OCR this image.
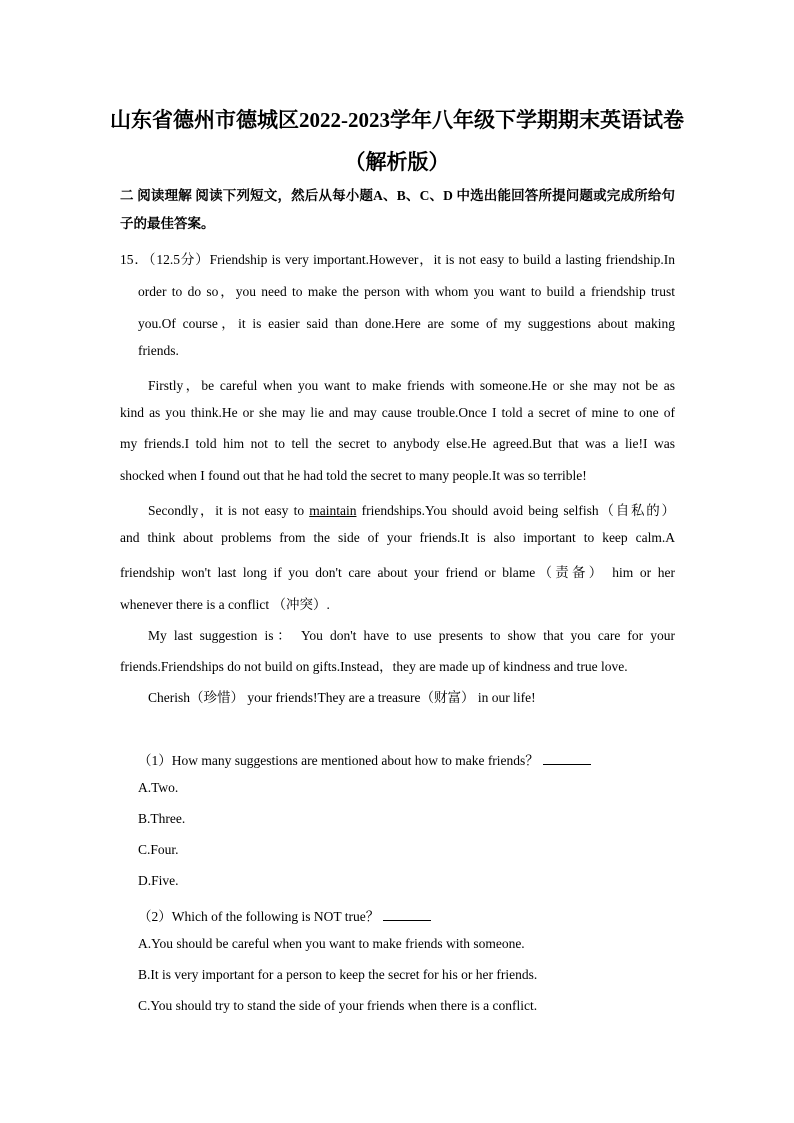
山东省德州市德城区2022-2023学年八年级下学期期末英语试卷
（解析版）
二 阅读理解 阅读下列短文，然后从每小题A、B、C、D 中选出能回答所提问题或完成所给句子的最佳答案。
15．（12.5分）Friendship is very important.However，it is not easy to build a lasting friendship.In
order to do so，you need to make the person with whom you want to build a friendship trust
you.Of course，it is easier said than done.Here are some of my suggestions about making
friends.
Firstly，be careful when you want to make friends with someone.He or she may not be as
kind as you think.He or she may lie and may cause trouble.Once I told a secret of mine to one of
my friends.I told him not to tell the secret to anybody else.He agreed.But that was a lie!I was
shocked when I found out that he had told the secret to many people.It was so terrible!
Secondly，it is not easy to maintain friendships.You should avoid being selfish（自私的）
and think about problems from the side of your friends.It is also important to keep calm.A
friendship won't last long if you don't care about your friend or blame（责备） him or her
whenever there is a conflict （冲突）.
My last suggestion is： You don't have to use presents to show that you care for your
friends.Friendships do not build on gifts.Instead，they are made up of kindness and true love.
Cherish（珍惜） your friends!They are a treasure（财富） in our life!
（1）How many suggestions are mentioned about how to make friends？
A.Two.
B.Three.
C.Four.
D.Five.
（2）Which of the following is NOT true？
A.You should be careful when you want to make friends with someone.
B.It is very important for a person to keep the secret for his or her friends.
C.You should try to stand the side of your friends when there is a conflict.
